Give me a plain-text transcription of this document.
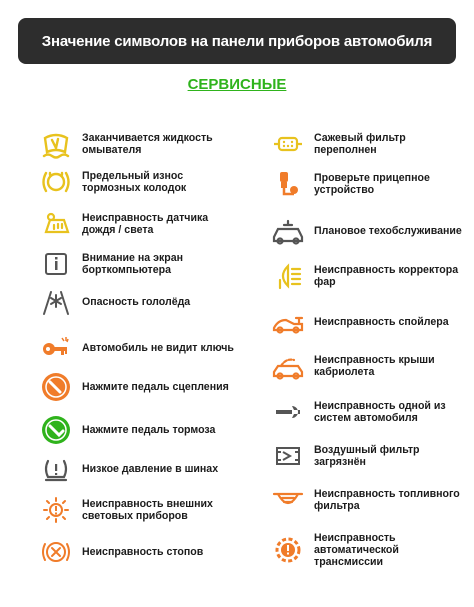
Значение символов на панели приборов автомобиля
СЕРВИСНЫЕ
Заканчивается жидкость
омывателя
Предельный износ
тормозных колодок
Неисправность датчика
дождя / света
Внимание на экран
борткомпьютера
Опасность гололёда
Автомобиль не видит ключь
Нажмите педаль сцепления
Нажмите педаль тормоза
Низкое давление в шинах
Неисправность внешних
световых приборов
Неисправность стопов
Сажевый фильтр
переполнен
Проверьте прицепное
устройство
Плановое техобслуживание
Неисправность корректора
фар
Неисправность спойлера
Неисправность крыши
кабриолета
Неисправность одной из
систем автомобиля
Воздушный фильтр
загрязнён
Неисправность топливного
фильтра
Неисправность
автоматической
трансмиссии
